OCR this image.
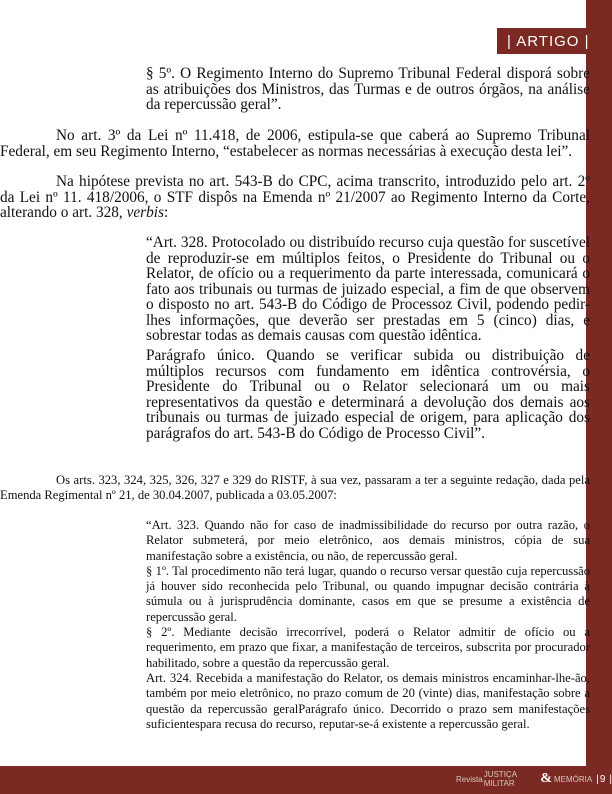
| ARTIGO |

§ 5º. O Regimento Interno do Supremo Tribunal Federal disporá sobre as atribuições dos Ministros, das Turmas e de outros órgãos, na análise da repercussão geral”.

No art. 3º da Lei nº 11.418, de 2006, estipula-se que caberá ao Supremo Tribunal Federal, em seu Regimento Interno, “estabelecer as normas necessárias à execução desta lei”.

Na hipótese prevista no art. 543-B do CPC, acima transcrito, introduzido pelo art. 2º da Lei nº 11. 418/2006, o STF dispôs na Emenda nº 21/2007 ao Regimento Interno da Corte, alterando o art. 328, verbis:

“Art. 328. Protocolado ou distribuído recurso cuja questão for suscetível de reproduzir-se em múltiplos feitos, o Presidente do Tribunal ou o Relator, de ofício ou a requerimento da parte interessada, comunicará o fato aos tribunais ou turmas de juizado especial, a fim de que observem o disposto no art. 543-B do Código de Processoz Civil, podendo pedir-lhes informações, que deverão ser prestadas em 5 (cinco) dias, e sobrestar todas as demais causas com questão idêntica.

Parágrafo único. Quando se verificar subida ou distribuição de múltiplos recursos com fundamento em idêntica controvérsia, o Presidente do Tribunal ou o Relator selecionará um ou mais representativos da questão e determinará a devolução dos demais aos tribunais ou turmas de juizado especial de origem, para aplicação dos parágrafos do art. 543-B do Código de Processo Civil”.

Os arts. 323, 324, 325, 326, 327 e 329 do RISTF, à sua vez, passaram a ter a seguinte redação, dada pela Emenda Regimental nº 21, de 30.04.2007, publicada a 03.05.2007:

“Art. 323. Quando não for caso de inadmissibilidade do recurso por outra razão, o Relator submeterá, por meio eletrônico, aos demais ministros, cópia de sua manifestação sobre a existência, ou não, de repercussão geral.
§ 1º. Tal procedimento não terá lugar, quando o recurso versar questão cuja repercussão já houver sido reconhecida pelo Tribunal, ou quando impugnar decisão contrária à súmula ou à jurisprudência dominante, casos em que se presume a existência de repercussão geral.
§ 2º. Mediante decisão irrecorrível, poderá o Relator admitir de ofício ou a requerimento, em prazo que fixar, a manifestação de terceiros, subscrita por procurador habilitado, sobre a questão da repercussão geral.
Art. 324. Recebida a manifestação do Relator, os demais ministros encaminhar-lhe-ão, também por meio eletrônico, no prazo comum de 20 (vinte) dias, manifestação sobre a questão da repercussão geralParágrafo único. Decorrido o prazo sem manifestações suficientespara recusa do recurso, reputar-se-á existente a repercussão geral.
Revista JUSTIÇA MILITAR	& MEMÓRIA | 9 |
